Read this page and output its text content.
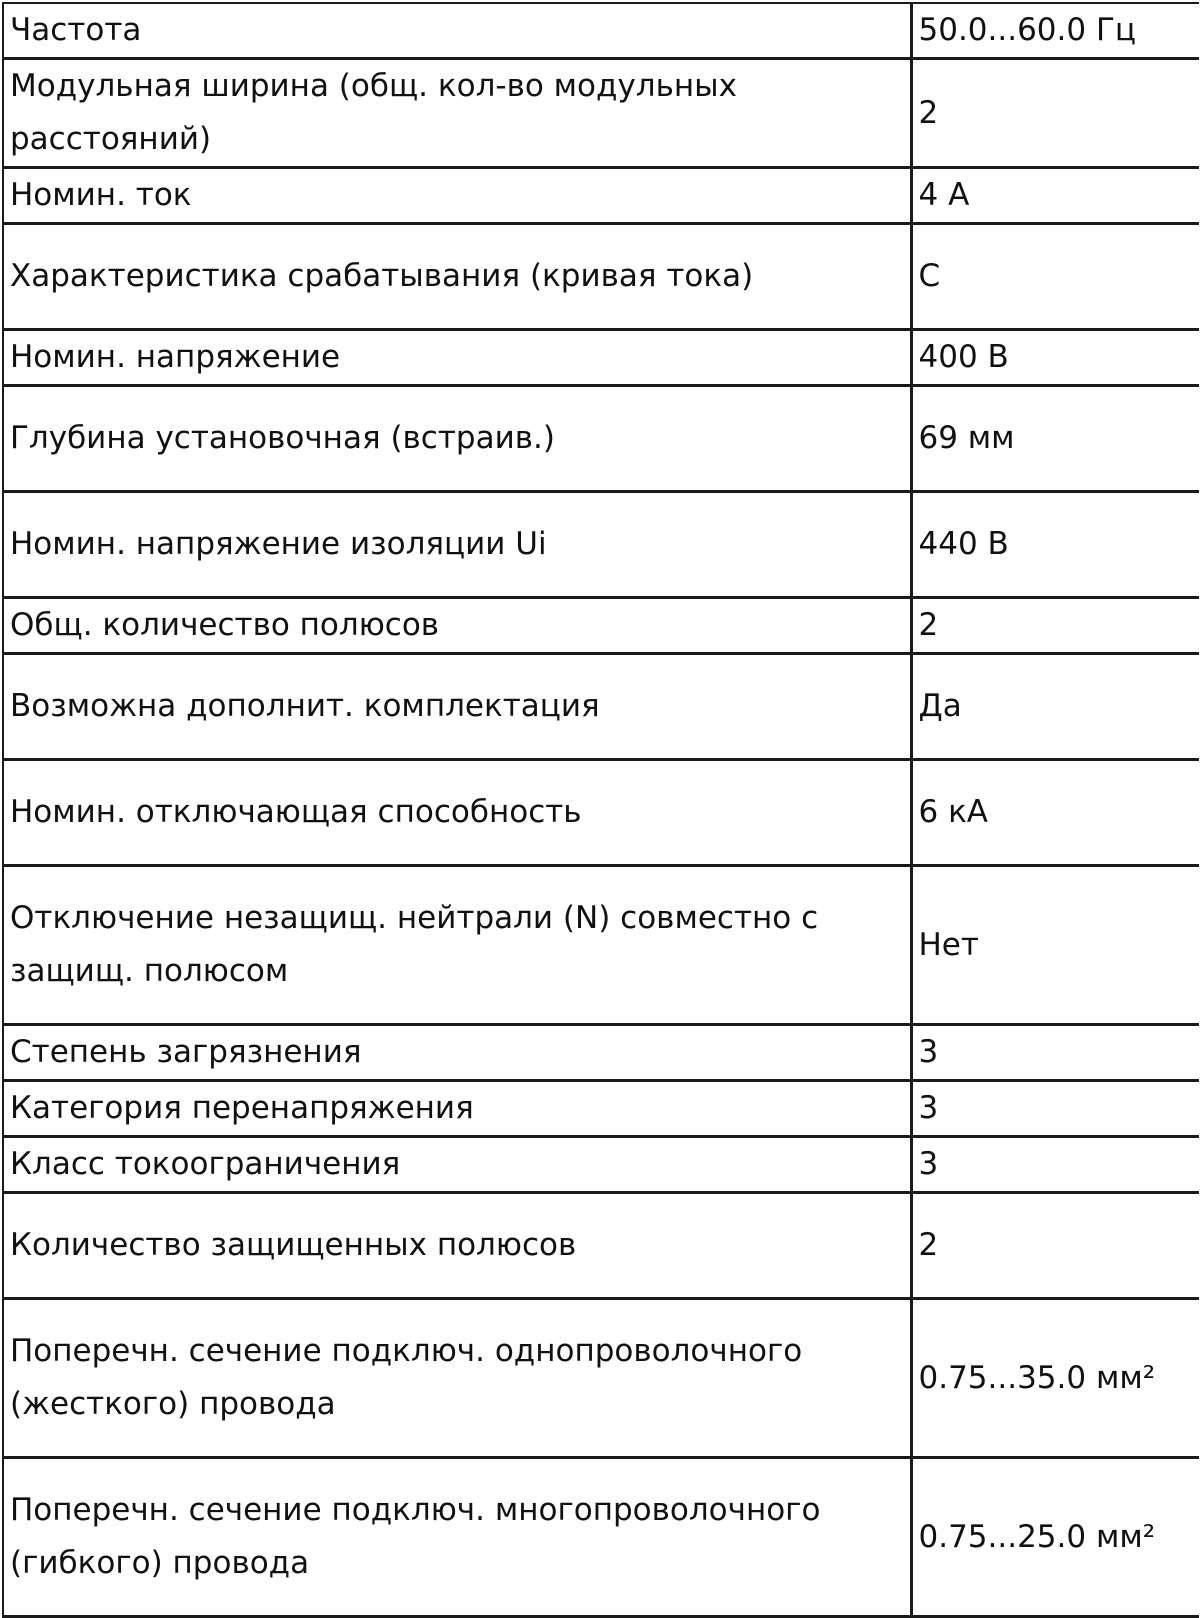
Частота	50.0...60.0 Гц
Модульная ширина (общ. кол-во модульных расстояний)	2
Номин. ток	4 А
Характеристика срабатывания (кривая тока)	C
Номин. напряжение	400 В
Глубина установочная (встраив.)	69 мм
Номин. напряжение изоляции Ui	440 В
Общ. количество полюсов	2
Возможна дополнит. комплектация	Да
Номин. отключающая способность	6 кА
Отключение незащищ. нейтрали (N) совместно с защищ. полюсом	Нет
Степень загрязнения	3
Категория перенапряжения	3
Класс токоограничения	3
Количество защищенных полюсов	2
Поперечн. сечение подключ. однопроволочного (жесткого) провода	0.75...35.0 мм²
Поперечн. сечение подключ. многопроволочного (гибкого) провода	0.75...25.0 мм²
